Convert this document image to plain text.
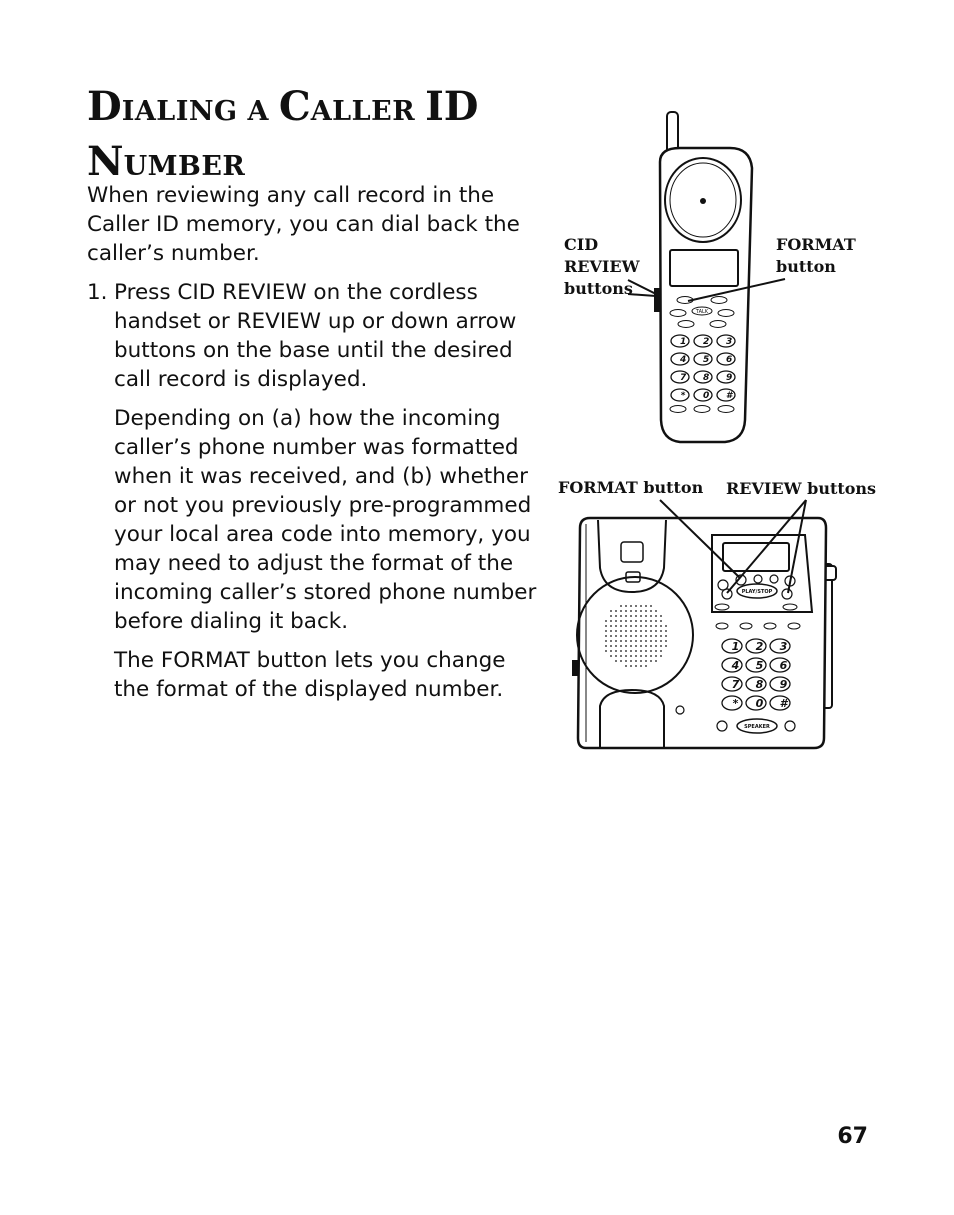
DIALING A CALLER ID
NUMBER

When reviewing any call record in the Caller ID memory, you can dial back the caller’s number.

1. Press CID REVIEW on the cordless handset or REVIEW up or down arrow buttons on the base until the desired call record is displayed.

Depending on (a) how the incoming caller’s phone number was formatted when it was received, and (b) whether or not you previously pre-programmed your local area code into memory, you may need to adjust the format of the incoming caller’s stored phone number before dialing it back.

The FORMAT button lets you change the format of the displayed number.

TALK
1 2 3
4 5 6
7 8 9
* 0 #
PLAY/STOP
1 2 3
4 5 6
7 8 9
* 0 #
SPEAKER
CID
REVIEW
buttons
FORMAT
button
FORMAT button REVIEW buttons
67
